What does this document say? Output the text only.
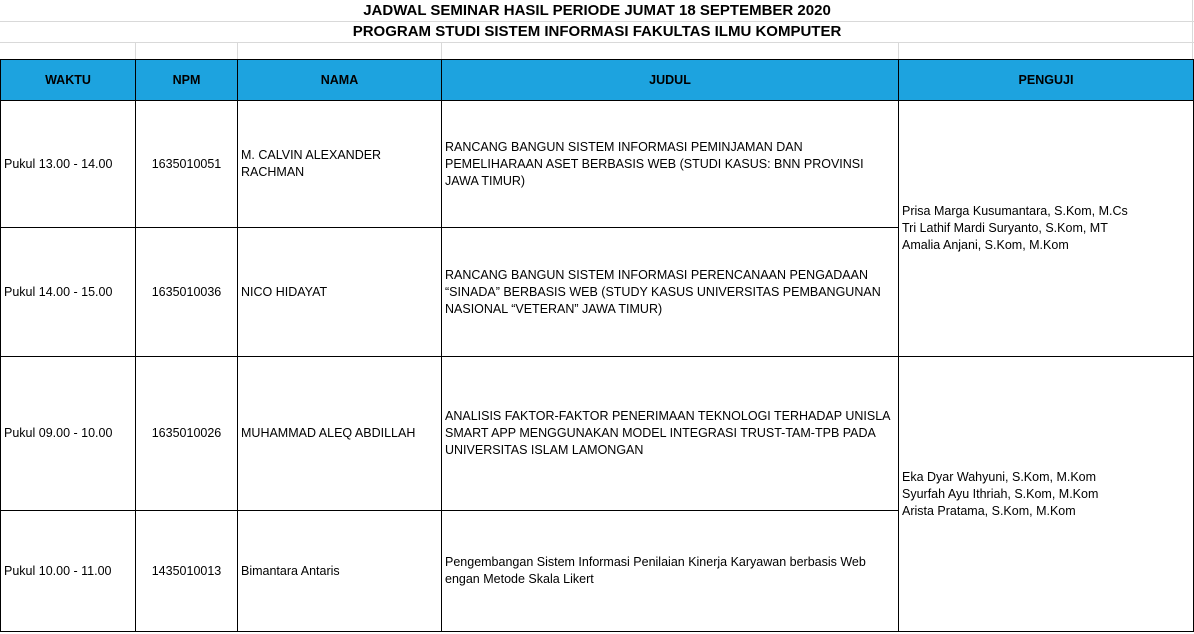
JADWAL SEMINAR HASIL PERIODE JUMAT 18 SEPTEMBER 2020
PROGRAM STUDI SISTEM INFORMASI FAKULTAS ILMU KOMPUTER
WAKTU	NPM	NAMA	JUDUL	PENGUJI
Pukul 13.00 - 14.00	1635010051	M. CALVIN ALEXANDER RACHMAN	RANCANG BANGUN SISTEM INFORMASI PEMINJAMAN DAN PEMELIHARAAN ASET BERBASIS WEB (STUDI KASUS: BNN PROVINSI JAWA TIMUR)	Prisa Marga Kusumantara, S.Kom, M.Cs
Tri Lathif Mardi Suryanto, S.Kom, MT
Amalia Anjani, S.Kom, M.Kom

Pukul 14.00 - 15.00	1635010036	NICO HIDAYAT	RANCANG BANGUN SISTEM INFORMASI PERENCANAAN PENGADAAN “SINADA” BERBASIS WEB (STUDY KASUS UNIVERSITAS PEMBANGUNAN NASIONAL “VETERAN” JAWA TIMUR)	
Pukul 09.00 - 10.00	1635010026	MUHAMMAD ALEQ ABDILLAH	ANALISIS FAKTOR-FAKTOR PENERIMAAN TEKNOLOGI TERHADAP UNISLA SMART APP MENGGUNAKAN MODEL INTEGRASI TRUST-TAM-TPB PADA UNIVERSITAS ISLAM LAMONGAN	Eka Dyar Wahyuni, S.Kom, M.Kom
Syurfah Ayu Ithriah, S.Kom, M.Kom
Arista Pratama, S.Kom, M.Kom

Pukul 10.00 - 11.00	1435010013	Bimantara Antaris	Pengembangan Sistem Informasi Penilaian Kinerja Karyawan berbasis Web engan Metode Skala Likert	
